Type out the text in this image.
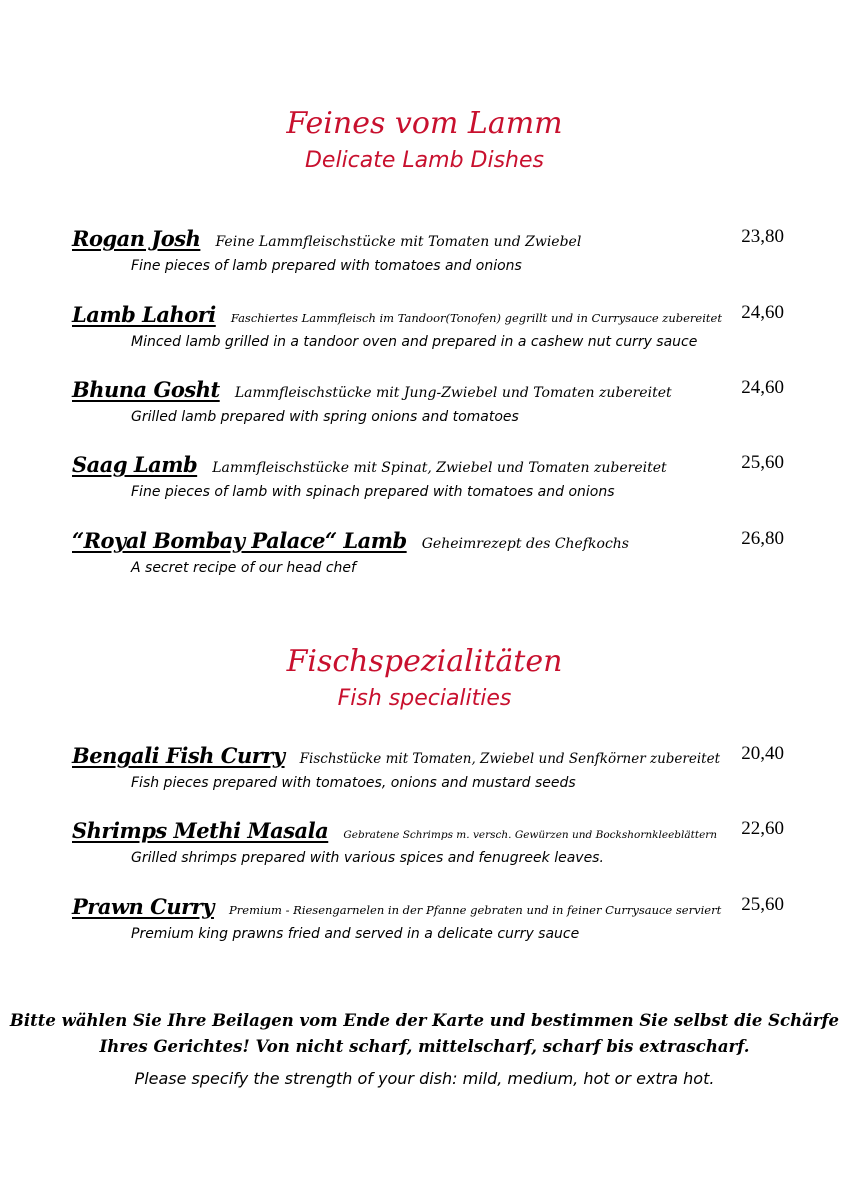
Feines vom Lamm
Delicate Lamb Dishes
Rogan Josh Feine Lammfleischstücke mit Tomaten und Zwiebel	23,80
Fine pieces of lamb prepared with tomatoes and onions
Lamb Lahori Faschiertes Lammfleisch im Tandoor(Tonofen) gegrillt und in Currysauce zubereitet 24,60
Minced lamb grilled in a tandoor oven and prepared in a cashew nut curry sauce
Bhuna Gosht Lammfleischstücke mit Jung-Zwiebel und Tomaten zubereitet	24,60
Grilled lamb prepared with spring onions and tomatoes
Saag Lamb Lammfleischstücke mit Spinat, Zwiebel und Tomaten zubereitet	25,60
Fine pieces of lamb with spinach prepared with tomatoes and onions
“Royal Bombay Palace“ Lamb Geheimrezept des Chefkochs	26,80
A secret recipe of our head chef
Fischspezialitäten
Fish specialities
Bengali Fish Curry Fischstücke mit Tomaten, Zwiebel und Senfkörner zubereitet 20,40
Fish pieces prepared with tomatoes, onions and mustard seeds
Shrimps Methi Masala Gebratene Schrimps m. versch. Gewürzen und Bockshornkleeblättern 22,60
Grilled shrimps prepared with various spices and fenugreek leaves.
Prawn Curry Premium - Riesengarnelen in der Pfanne gebraten und in feiner Currysauce serviert 25,60
Premium king prawns fried and served in a delicate curry sauce
Bitte wählen Sie Ihre Beilagen vom Ende der Karte und bestimmen Sie selbst die Schärfe
Ihres Gerichtes! Von nicht scharf, mittelscharf, scharf bis extrascharf.
Please specify the strength of your dish: mild, medium, hot or extra hot.
